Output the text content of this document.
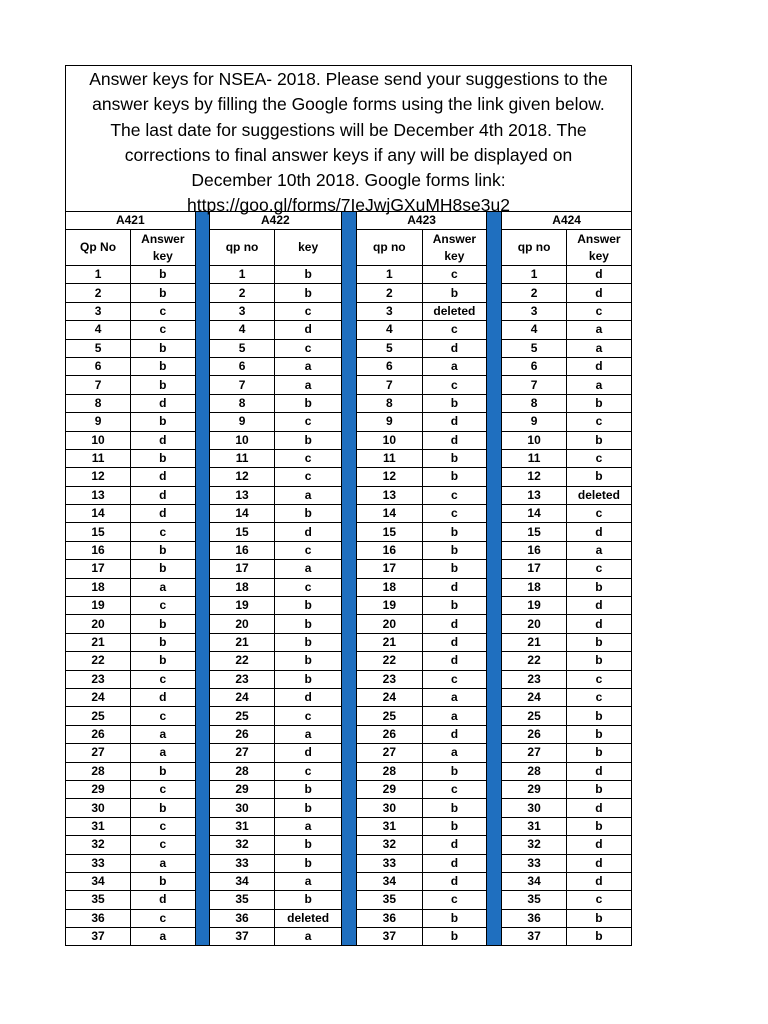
Answer keys for NSEA- 2018. Please send your suggestions to the
answer keys by filling the Google forms using the link given below.
The last date for suggestions will be December 4th 2018. The
corrections to final answer keys if any will be displayed on
December 10th 2018. Google forms link:
https://goo.gl/forms/7IeJwjGXuMH8se3u2
A421			A422			A423			A424	
Qp No	Answer key		qp no	key		qp no	Answer key		qp no	Answer key
1	b		1	b		1	c		1	d
2	b		2	b		2	b		2	d
3	c		3	c		3	deleted		3	c
4	c		4	d		4	c		4	a
5	b		5	c		5	d		5	a
6	b		6	a		6	a		6	d
7	b		7	a		7	c		7	a
8	d		8	b		8	b		8	b
9	b		9	c		9	d		9	c
10	d		10	b		10	d		10	b
11	b		11	c		11	b		11	c
12	d		12	c		12	b		12	b
13	d		13	a		13	c		13	deleted
14	d		14	b		14	c		14	c
15	c		15	d		15	b		15	d
16	b		16	c		16	b		16	a
17	b		17	a		17	b		17	c
18	a		18	c		18	d		18	b
19	c		19	b		19	b		19	d
20	b		20	b		20	d		20	d
21	b		21	b		21	d		21	b
22	b		22	b		22	d		22	b
23	c		23	b		23	c		23	c
24	d		24	d		24	a		24	c
25	c		25	c		25	a		25	b
26	a		26	a		26	d		26	b
27	a		27	d		27	a		27	b
28	b		28	c		28	b		28	d
29	c		29	b		29	c		29	b
30	b		30	b		30	b		30	d
31	c		31	a		31	b		31	b
32	c		32	b		32	d		32	d
33	a		33	b		33	d		33	d
34	b		34	a		34	d		34	d
35	d		35	b		35	c		35	c
36	c		36	deleted		36	b		36	b
37	a		37	a		37	b		37	b
